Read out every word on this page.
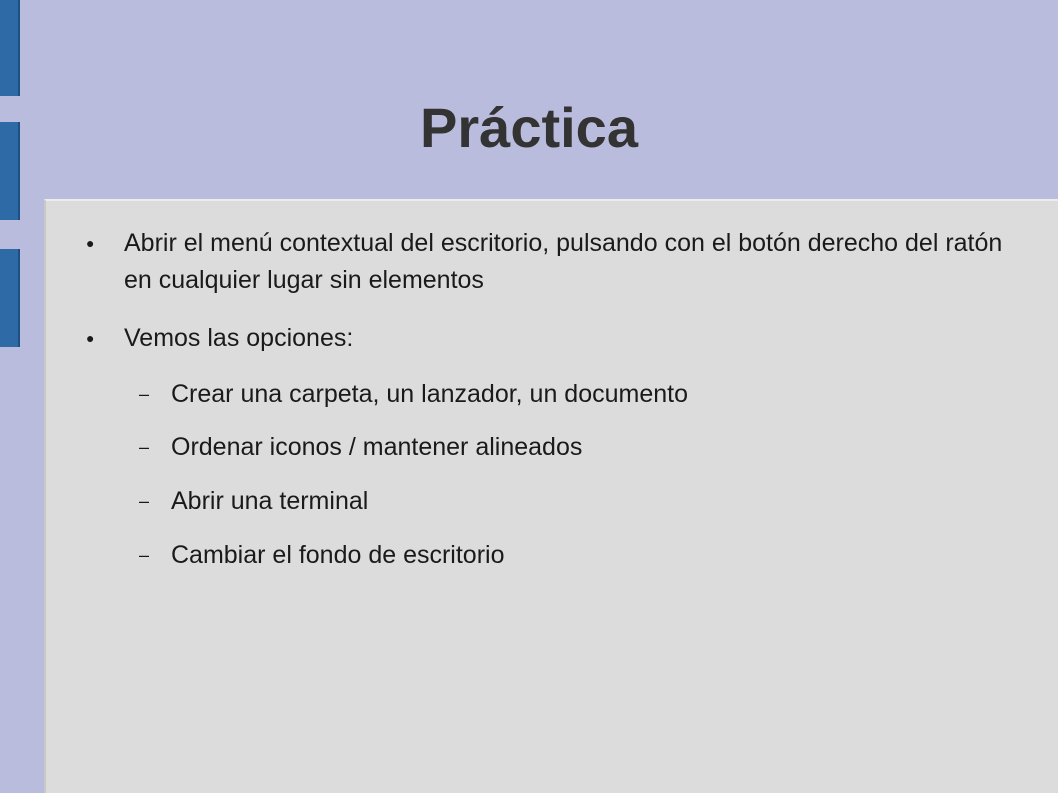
Práctica
● Abrir el menú contextual del escritorio, pulsando con el botón derecho del ratón en cualquier lugar sin elementos
● Vemos las opciones:
– Crear una carpeta, un lanzador, un documento
– Ordenar iconos / mantener alineados
– Abrir una terminal
– Cambiar el fondo de escritorio
